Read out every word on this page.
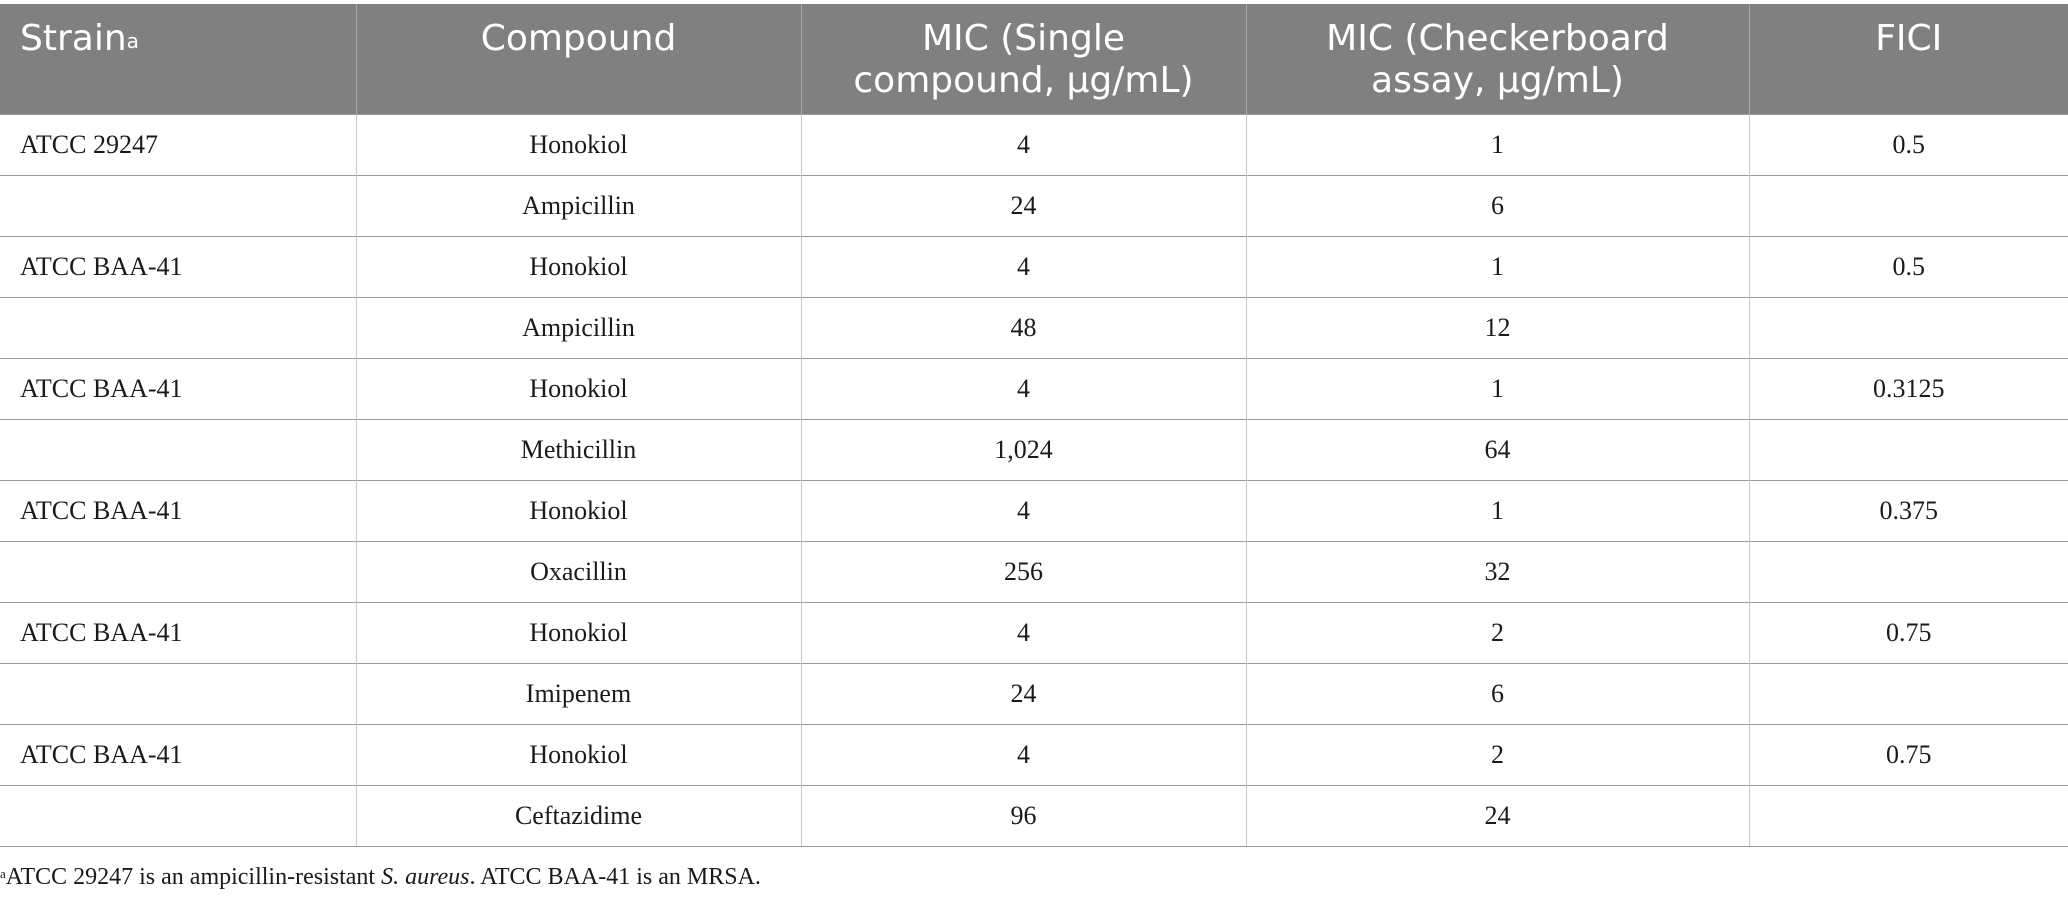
Strain$^a$	Compound	MIC (Single compound, μg/mL)	MIC (Checkerboard assay, μg/mL)	FICI
ATCC 29247	Honokiol	4	1	0.5
	Ampicillin	24	6	
ATCC BAA-41	Honokiol	4	1	0.5
	Ampicillin	48	12	
ATCC BAA-41	Honokiol	4	1	0.3125
	Methicillin	1,024	64	
ATCC BAA-41	Honokiol	4	1	0.375
	Oxacillin	256	32	
ATCC BAA-41	Honokiol	4	2	0.75
	Imipenem	24	6	
ATCC BAA-41	Honokiol	4	2	0.75
	Ceftazidime	96	24	
$^a$ATCC 29247 is an ampicillin-resistant S. aureus. ATCC BAA-41 is an MRSA.
